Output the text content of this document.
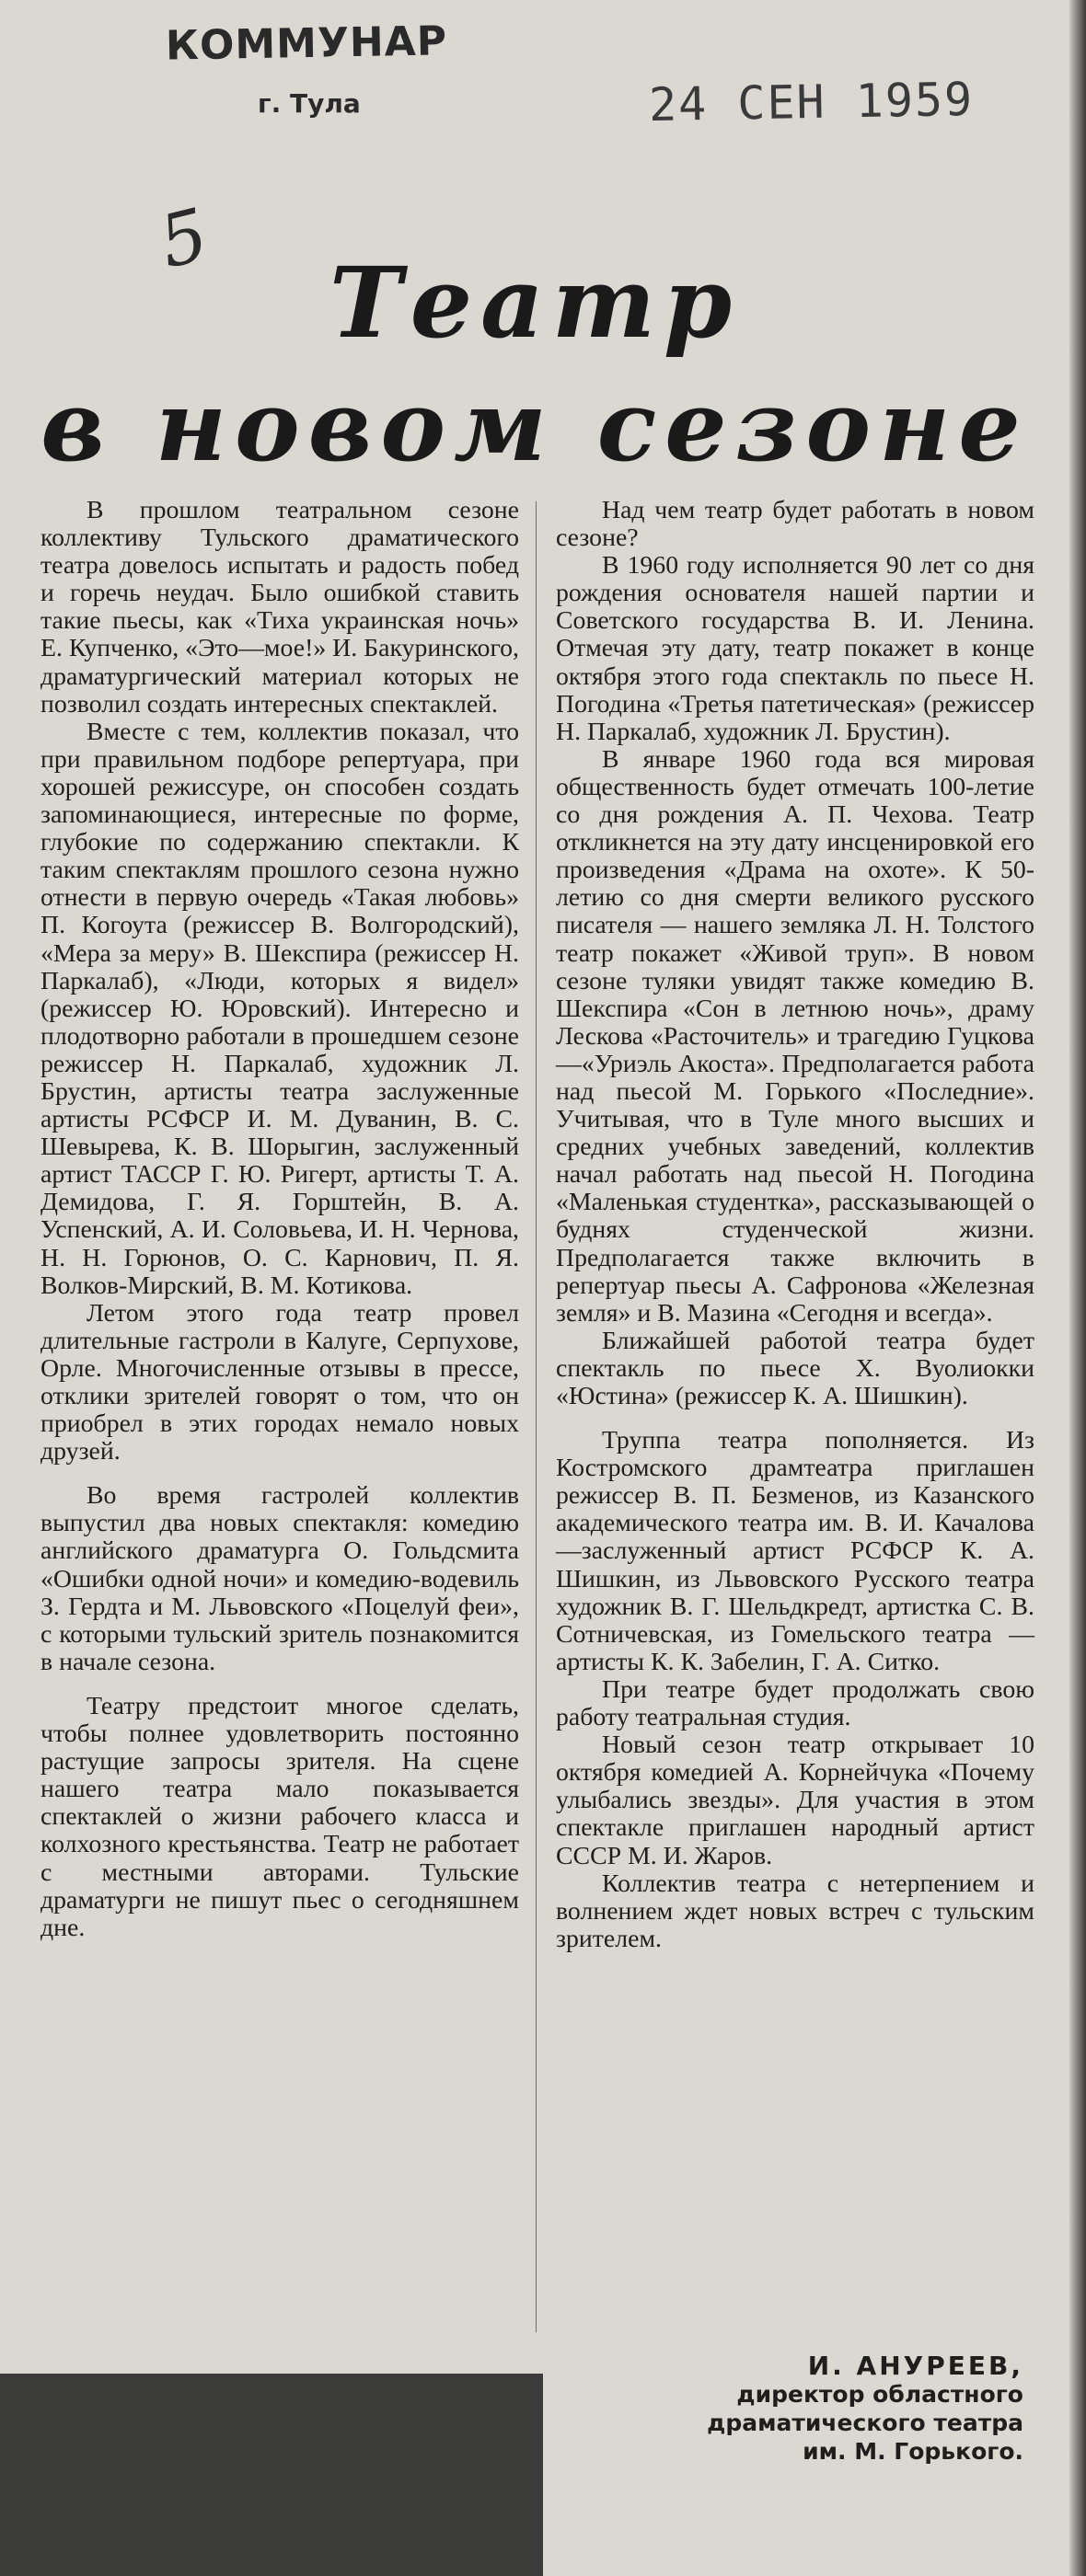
КОММУНАР
г. Тула	24 СЕН 1959
5
Театр
в новом сезоне

В прошлом театральном сезоне коллективу Тульского драматического театра довелось испытать и радость побед и горечь неудач. Было ошибкой ставить такие пьесы, как «Тиха украинская ночь» Е. Купченко, «Это—мое!» И. Бакуринского, драматургический материал которых не позволил создать интересных спектаклей.

Вместе с тем, коллектив показал, что при правильном подборе репертуара, при хорошей режиссуре, он способен создать запоминающиеся, интересные по форме, глубокие по содержанию спектакли. К таким спектаклям прошлого сезона нужно отнести в первую очередь «Такая любовь» П. Когоута (режиссер В. Волгородский), «Мера за меру» В. Шекспира (режиссер Н. Паркалаб), «Люди, которых я видел» (режиссер Ю. Юровский). Интересно и плодотворно работали в прошедшем сезоне режиссер Н. Паркалаб, художник Л. Брустин, артисты театра заслуженные артисты РСФСР И. М. Дуванин, В. С. Шевырева, К. В. Шорыгин, заслуженный артист ТАССР Г. Ю. Ригерт, артисты Т. А. Демидова, Г. Я. Горштейн, В. А. Успенский, А. И. Соловьева, И. Н. Чернова, Н. Н. Горюнов, О. С. Карнович, П. Я. Волков-Мирский, В. М. Котикова.

Летом этого года театр провел длительные гастроли в Калуге, Серпухове, Орле. Многочисленные отзывы в прессе, отклики зрителей говорят о том, что он приобрел в этих городах немало новых друзей.

Во время гастролей коллектив выпустил два новых спектакля: комедию английского драматурга О. Гольдсмита «Ошибки одной ночи» и комедию-водевиль З. Гердта и М. Львовского «Поцелуй феи», с которыми тульский зритель познакомится в начале сезона.

Театру предстоит многое сделать, чтобы полнее удовлетворить постоянно растущие запросы зрителя. На сцене нашего театра мало показывается спектаклей о жизни рабочего класса и колхозного крестьянства. Театр не работает с местными авторами. Тульские драматурги не пишут пьес о сегодняшнем дне.

Над чем театр будет работать в новом сезоне?

В 1960 году исполняется 90 лет со дня рождения основателя нашей партии и Советского государства В. И. Ленина. Отмечая эту дату, театр покажет в конце октября этого года спектакль по пьесе Н. Погодина «Третья патетическая» (режиссер Н. Паркалаб, художник Л. Брустин).

В январе 1960 года вся мировая общественность будет отмечать 100-летие со дня рождения А. П. Чехова. Театр откликнется на эту дату инсценировкой его произведения «Драма на охоте». К 50-летию со дня смерти великого русского писателя — нашего земляка Л. Н. Толстого театр покажет «Живой труп». В новом сезоне туляки увидят также комедию В. Шекспира «Сон в летнюю ночь», драму Лескова «Расточитель» и трагедию Гуцкова—«Уриэль Акоста». Предполагается работа над пьесой М. Горького «Последние». Учитывая, что в Туле много высших и средних учебных заведений, коллектив начал работать над пьесой Н. Погодина «Маленькая студентка», рассказывающей о буднях студенческой жизни. Предполагается также включить в репертуар пьесы А. Сафронова «Железная земля» и В. Мазина «Сегодня и всегда».

Ближайшей работой театра будет спектакль по пьесе Х. Вуолиокки «Юстина» (режиссер К. А. Шишкин).

Труппа театра пополняется. Из Костромского драмтеатра приглашен режиссер В. П. Безменов, из Казанского академического театра им. В. И. Качалова—заслуженный артист РСФСР К. А. Шишкин, из Львовского Русского театра художник В. Г. Шельдкредт, артистка С. В. Сотничевская, из Гомельского театра — артисты К. К. Забелин, Г. А. Ситко.

При театре будет продолжать свою работу театральная студия.

Новый сезон театр открывает 10 октября комедией А. Корнейчука «Почему улыбались звезды». Для участия в этом спектакле приглашен народный артист СССР М. И. Жаров.

Коллектив театра с нетерпением и волнением ждет новых встреч с тульским зрителем.

И. АНУРЕЕВ,
директор областного
драматического театра
им. М. Горького.
